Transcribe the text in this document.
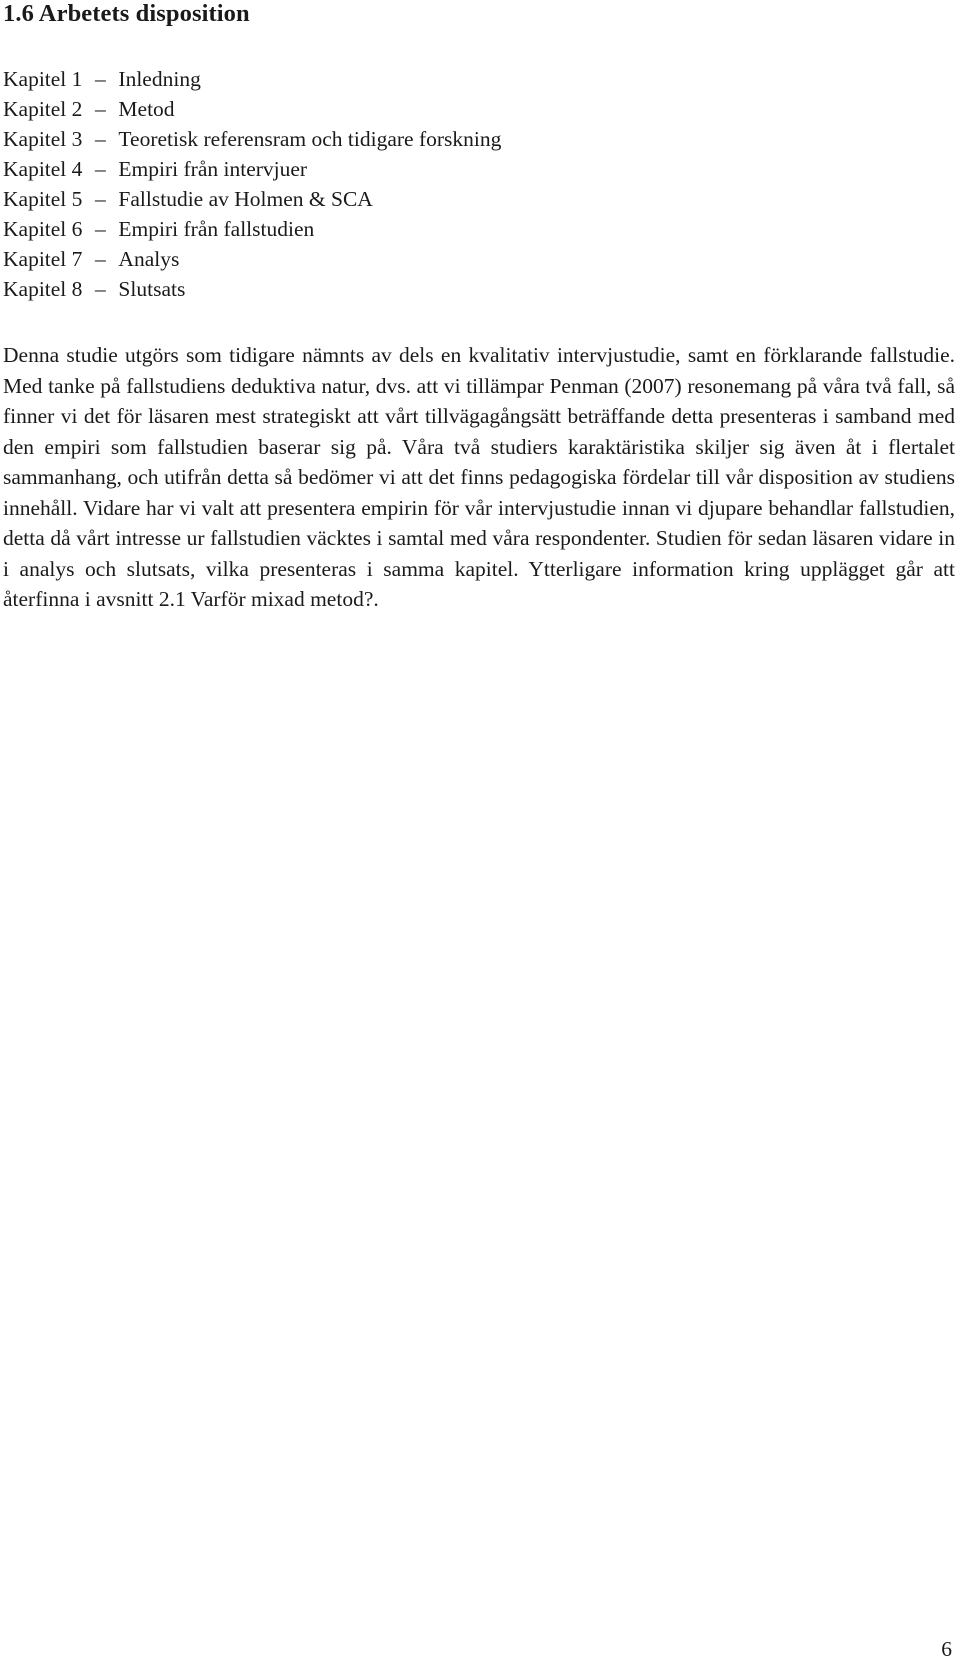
1.6 Arbetets disposition
Kapitel 1 – Inledning
Kapitel 2 – Metod
Kapitel 3 – Teoretisk referensram och tidigare forskning
Kapitel 4 – Empiri från intervjuer
Kapitel 5 – Fallstudie av Holmen & SCA
Kapitel 6 – Empiri från fallstudien
Kapitel 7 – Analys
Kapitel 8 – Slutsats

Denna studie utgörs som tidigare nämnts av dels en kvalitativ intervjustudie, samt en förklarande fallstudie. Med tanke på fallstudiens deduktiva natur, dvs. att vi tillämpar Penman (2007) resonemang på våra två fall, så finner vi det för läsaren mest strategiskt att vårt tillvägagångsätt beträffande detta presenteras i samband med den empiri som fallstudien baserar sig på. Våra två studiers karaktäristika skiljer sig även åt i flertalet sammanhang, och utifrån detta så bedömer vi att det finns pedagogiska fördelar till vår disposition av studiens innehåll. Vidare har vi valt att presentera empirin för vår intervjustudie innan vi djupare behandlar fallstudien, detta då vårt intresse ur fallstudien väcktes i samtal med våra respondenter. Studien för sedan läsaren vidare in i analys och slutsats, vilka presenteras i samma kapitel. Ytterligare information kring upplägget går att återfinna i avsnitt 2.1 Varför mixad metod?.

6
